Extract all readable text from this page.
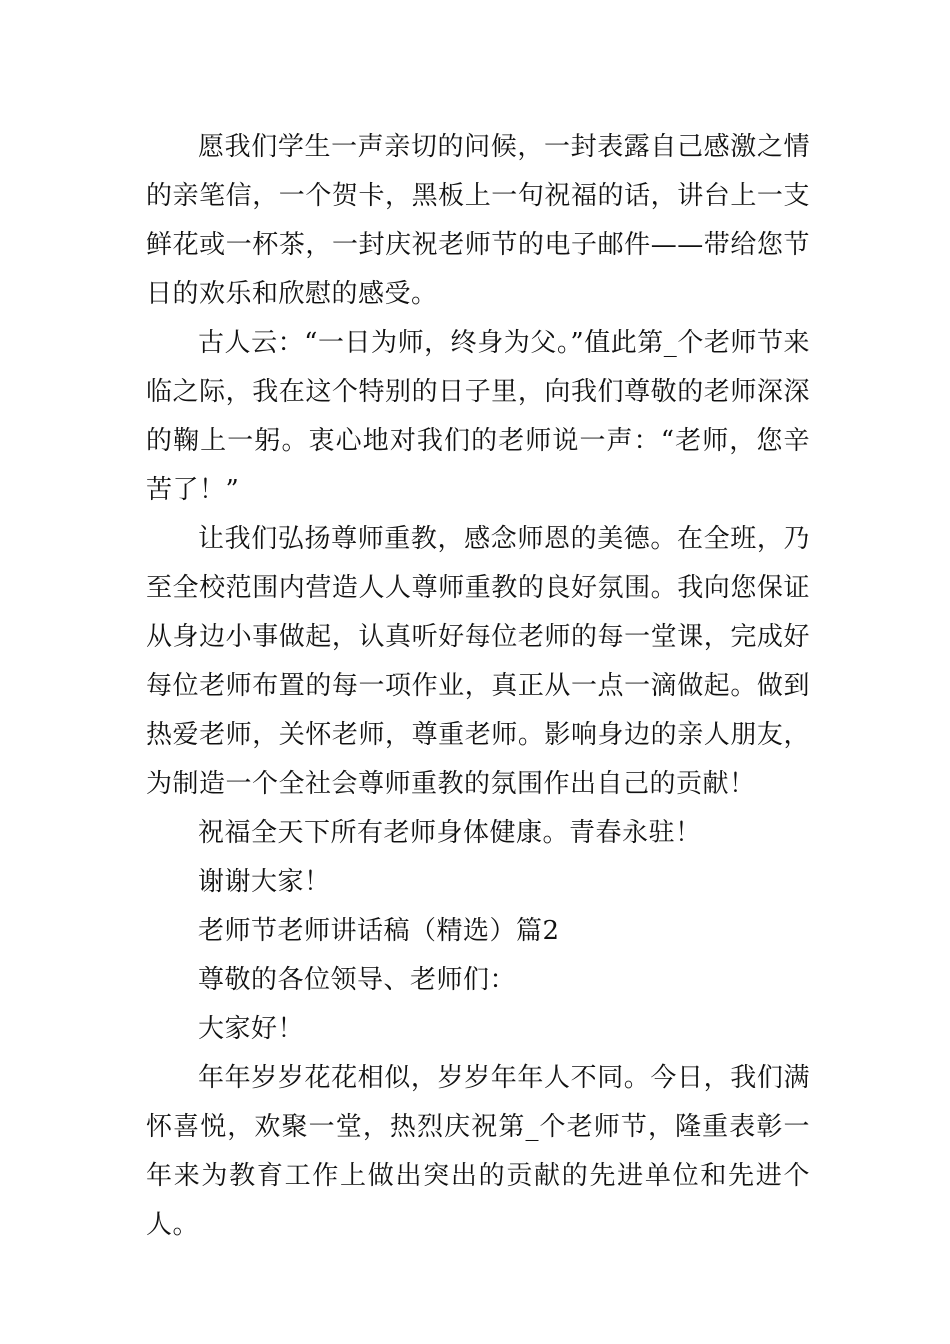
愿我们学生一声亲切的问候，一封表露自己感激之情的亲笔信，一个贺卡，黑板上一句祝福的话，讲台上一支鲜花或一杯茶，一封庆祝老师节的电子邮件——带给您节日的欢乐和欣慰的感受。

古人云：“一日为师，终身为父。”值此第_个老师节来临之际，我在这个特别的日子里，向我们尊敬的老师深深的鞠上一躬。衷心地对我们的老师说一声：“老师，您辛苦了！”

让我们弘扬尊师重教，感念师恩的美德。在全班，乃至全校范围内营造人人尊师重教的良好氛围。我向您保证从身边小事做起，认真听好每位老师的每一堂课，完成好每位老师布置的每一项作业，真正从一点一滴做起。做到热爱老师，关怀老师，尊重老师。影响身边的亲人朋友，为制造一个全社会尊师重教的氛围作出自己的贡献！

祝福全天下所有老师身体健康。青春永驻！

谢谢大家！

老师节老师讲话稿（精选）篇2

尊敬的各位领导、老师们：

大家好！

年年岁岁花花相似，岁岁年年人不同。今日，我们满怀喜悦，欢聚一堂，热烈庆祝第_个老师节，隆重表彰一年来为教育工作上做出突出的贡献的先进单位和先进个人。
